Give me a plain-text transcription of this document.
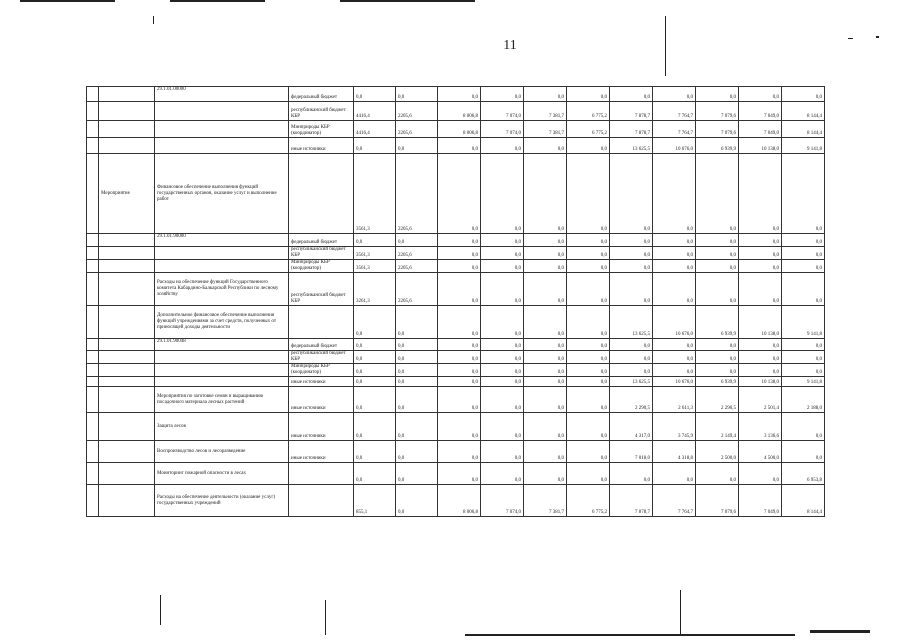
11
		29.1.01.00000	федеральный бюджет	0,0	0,0	0,0	0,0	0,0	0,0	0,0	0,0	0,0	0,0	0,0
			республиканский бюджет КБР	4416,4	2205,6	8 006,8	7 074,0	7 381,7	6 775,2	7 878,7	7 764,7	7 079,6	7 049,0	8 144,4
			Минприроды КБР (координатор)	4416,4	2205,6	8 006,8	7 074,0	7 381,7	6 775,2	7 878,7	7 764,7	7 079,6	7 049,0	8 144,4
			иные источники	0,0	0,0	0,0	0,0	0,0	0,0	13 625,5	10 676,0	6 939,9	10 138,0	9 141,8
	Мероприятие	Финансовое обеспечение выполнения функций государственных органов, оказание услуг и выполнение работ		3561,3	2205,6	0,0	0,0	0,0	0,0	0,0	0,0	0,0	0,0	0,0
		29.1.01.90000	федеральный бюджет	0,0	0,0	0,0	0,0	0,0	0,0	0,0	0,0	0,0	0,0	0,0
			республиканский бюджет КБР	3561,3	2205,6	0,0	0,0	0,0	0,0	0,0	0,0	0,0	0,0	0,0
			Минприроды КБР (координатор)	3561,3	2205,6	0,0	0,0	0,0	0,0	0,0	0,0	0,0	0,0	0,0
		Расходы на обеспечение функций Государственного комитета Кабардино-Балкарской Республики по лесному хозяйству	республиканский бюджет КБР	3261,3	2205,6	0,0	0,0	0,0	0,0	0,0	0,0	0,0	0,0	0,0
		Дополнительное финансовое обеспечение выполнения функций учреждениями за счет средств, полученных от приносящей доходы деятельности		0,0	0,0	0,0	0,0	0,0	0,0	13 625,5	10 676,0	6 939,9	10 138,0	9 141,8
		29.1.01.90048	федеральный бюджет	0,0	0,0	0,0	0,0	0,0	0,0	0,0	0,0	0,0	0,0	0,0
			республиканский бюджет КБР	0,0	0,0	0,0	0,0	0,0	0,0	0,0	0,0	0,0	0,0	0,0
			Минприроды КБР (координатор)	0,0	0,0	0,0	0,0	0,0	0,0	0,0	0,0	0,0	0,0	0,0
			иные источники	0,0	0,0	0,0	0,0	0,0	0,0	13 625,5	10 676,0	6 939,9	10 138,0	9 141,8
		Мероприятия по заготовке семян и выращиванию посадочного материала лесных растений	иные источники	0,0	0,0	0,0	0,0	0,0	0,0	2 290,5	2 611,3	2 290,5	2 501,4	2 188,0
		Защита лесов	иные источники	0,0	0,0	0,0	0,0	0,0	0,0	4 317,0	3 745,9	2 149,4	3 136,6	0,0
		Воспроизводство лесов и лесоразведение	иные источники	0,0	0,0	0,0	0,0	0,0	0,0	7 018,0	4 318,8	2 500,0	4 500,0	0,0
		Мониторинг пожарной опасности в лесах		0,0	0,0	0,0	0,0	0,0	0,0	0,0	0,0	0,0	0,0	6 953,8
		Расходы на обеспечение деятельности (оказание услуг) государственных учреждений		855,1	0,0	8 006,8	7 074,0	7 381,7	6 775,2	7 878,7	7 764,7	7 079,6	7 049,0	8 144,4
